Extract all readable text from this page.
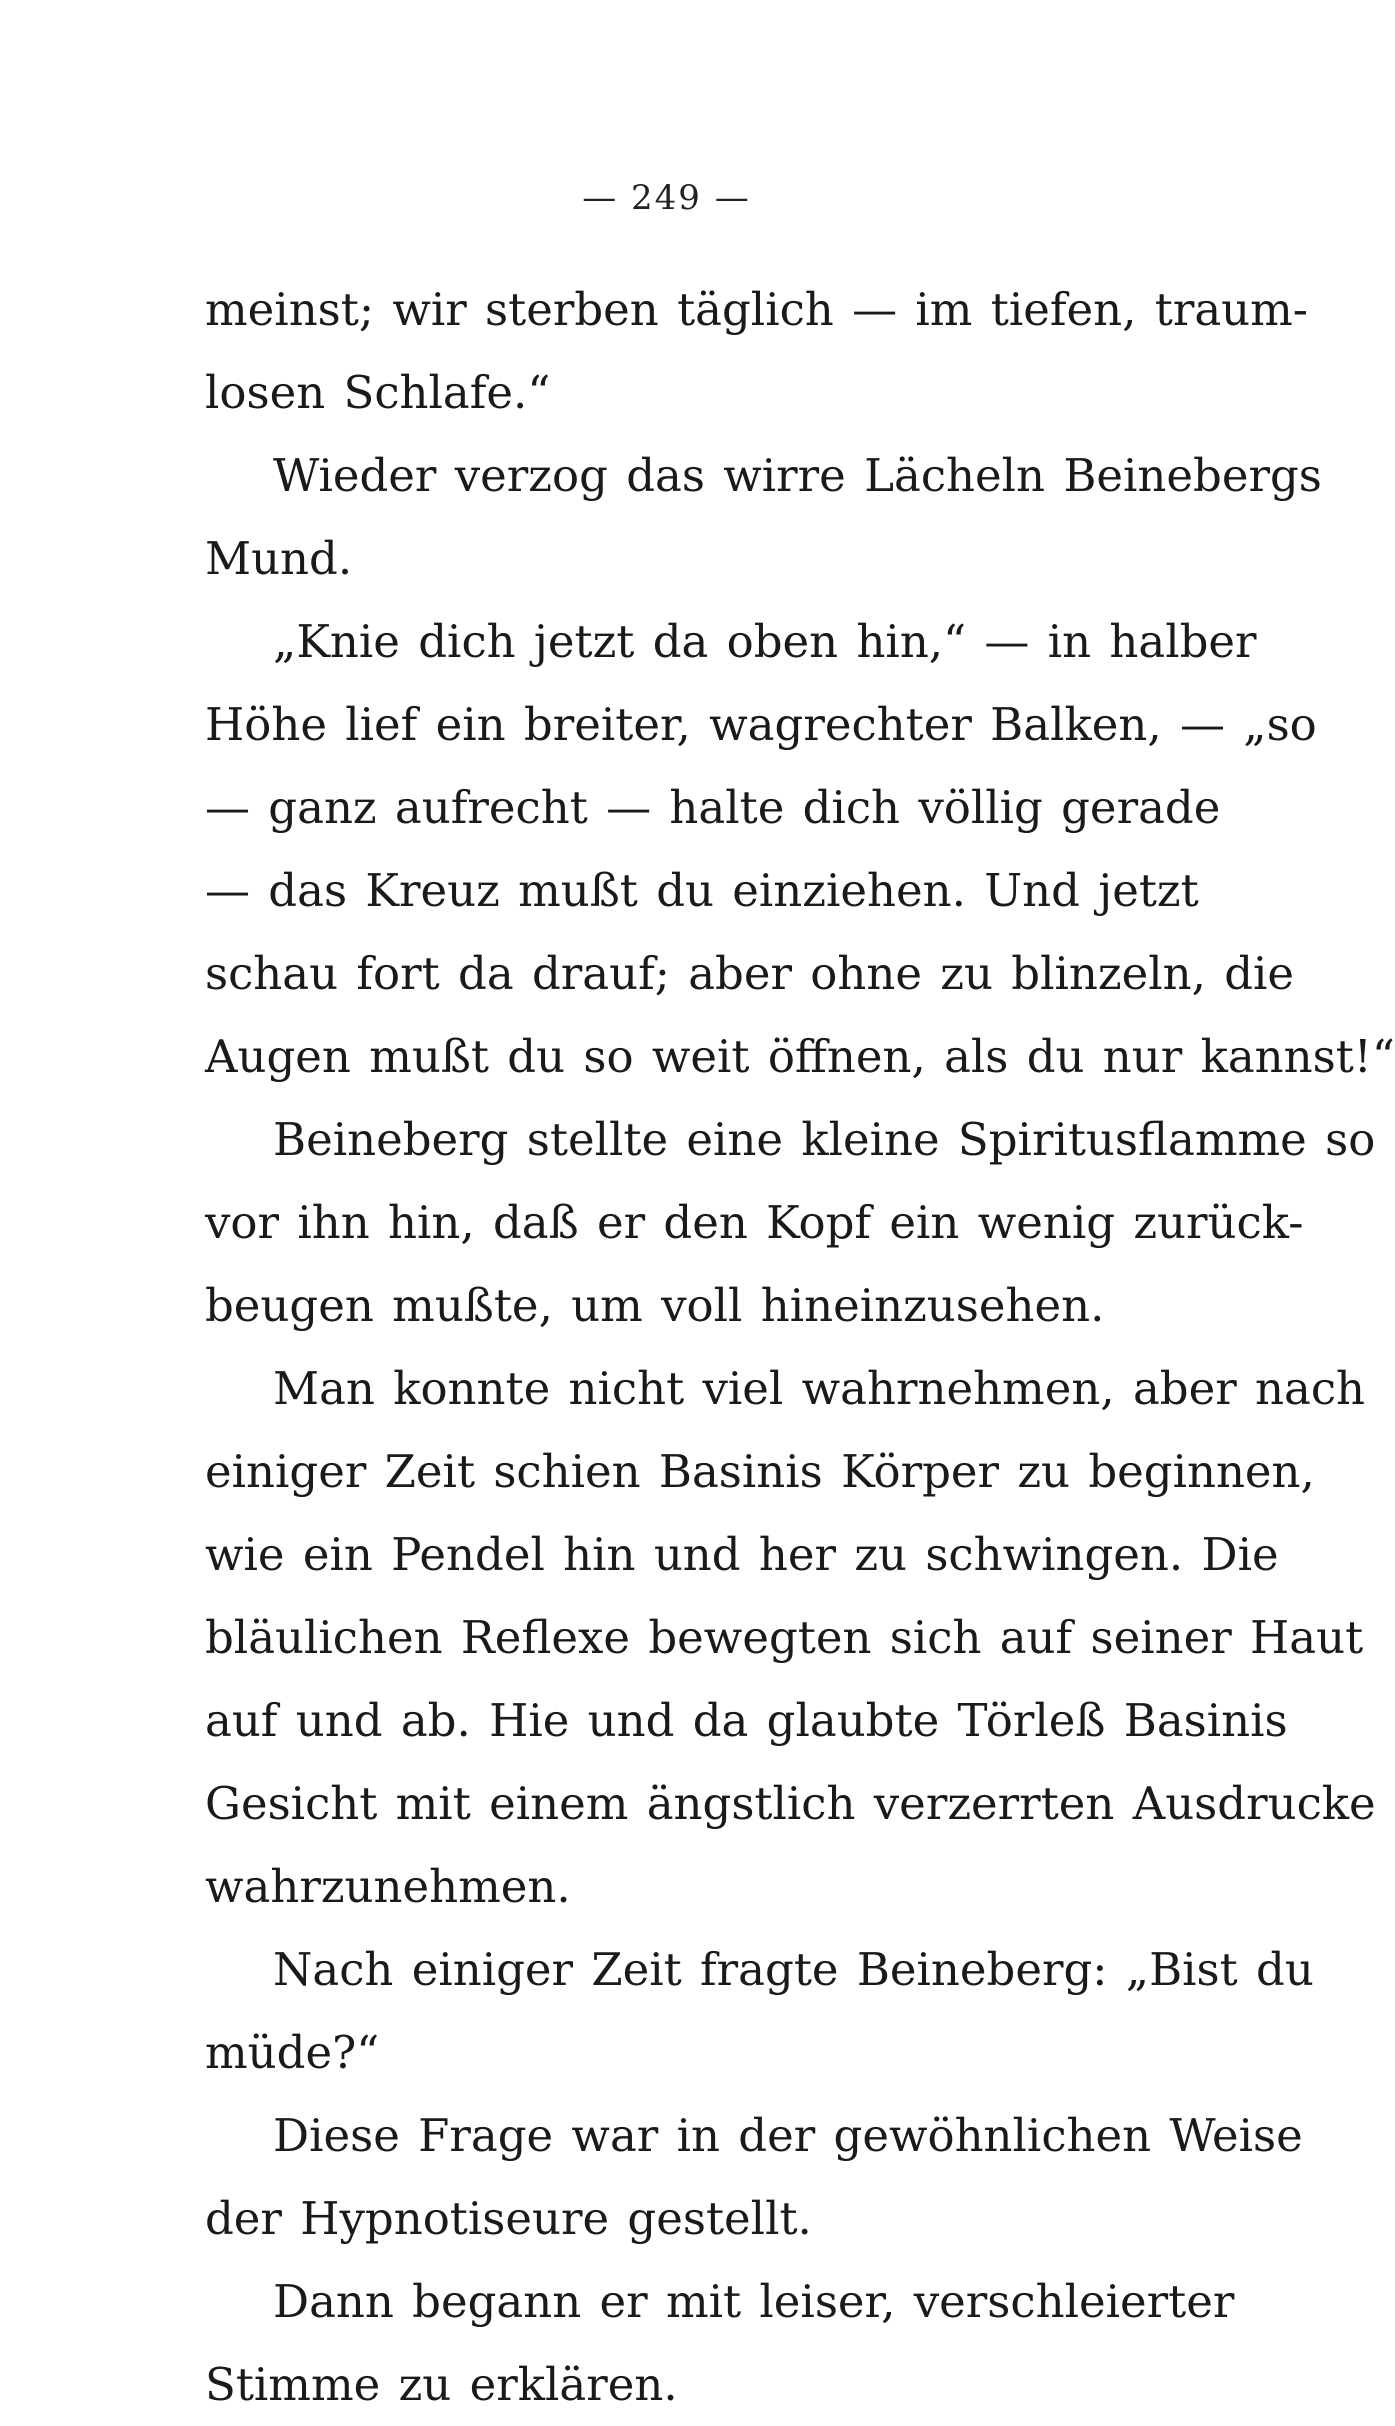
— 249 —
meinst; wir sterben täglich — im tiefen, traum-
losen Schlafe.“
Wieder verzog das wirre Lächeln Beinebergs
Mund.
„Knie dich jetzt da oben hin,“ — in halber
Höhe lief ein breiter, wagrechter Balken, — „so
— ganz aufrecht — halte dich völlig gerade
— das Kreuz mußt du einziehen. Und jetzt
schau fort da drauf; aber ohne zu blinzeln, die
Augen mußt du so weit öffnen, als du nur kannst!“
Beineberg stellte eine kleine Spiritusflamme so
vor ihn hin, daß er den Kopf ein wenig zurück-
beugen mußte, um voll hineinzusehen.
Man konnte nicht viel wahrnehmen, aber nach
einiger Zeit schien Basinis Körper zu beginnen,
wie ein Pendel hin und her zu schwingen. Die
bläulichen Reflexe bewegten sich auf seiner Haut
auf und ab. Hie und da glaubte Törleß Basinis
Gesicht mit einem ängstlich verzerrten Ausdrucke
wahrzunehmen.
Nach einiger Zeit fragte Beineberg: „Bist du
müde?“
Diese Frage war in der gewöhnlichen Weise
der Hypnotiseure gestellt.
Dann begann er mit leiser, verschleierter
Stimme zu erklären.
